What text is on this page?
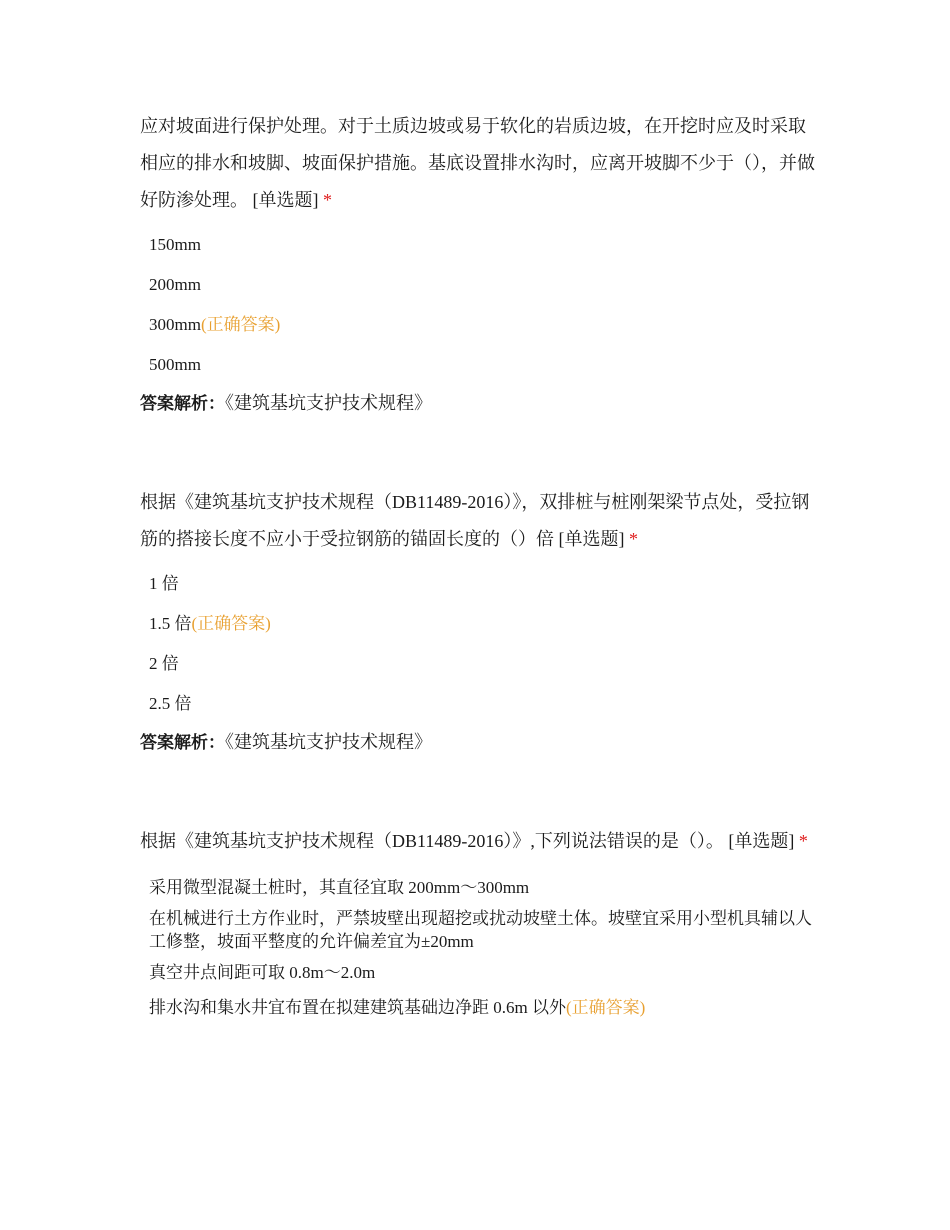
应对坡面进行保护处理。对于土质边坡或易于软化的岩质边坡，在开挖时应及时采取相应的排水和坡脚、坡面保护措施。基底设置排水沟时，应离开坡脚不少于（），并做好防渗处理。 [单选题] *

150mm
200mm
300mm(正确答案)
500mm
答案解析：《建筑基坑支护技术规程》

根据《建筑基坑支护技术规程（DB11489-2016）》，双排桩与桩刚架梁节点处，受拉钢筋的搭接长度不应小于受拉钢筋的锚固长度的（）倍 [单选题] *

1 倍
1.5 倍(正确答案)
2 倍
2.5 倍
答案解析：《建筑基坑支护技术规程》

根据《建筑基坑支护技术规程（DB11489-2016）》,下列说法错误的是（）。 [单选题] *

采用微型混凝土桩时，其直径宜取 200mm～300mm
在机械进行土方作业时，严禁坡壁出现超挖或扰动坡壁土体。坡壁宜采用小型机具辅以人工修整，坡面平整度的允许偏差宜为±20mm
真空井点间距可取 0.8m～2.0m
排水沟和集水井宜布置在拟建建筑基础边净距 0.6m 以外(正确答案)
